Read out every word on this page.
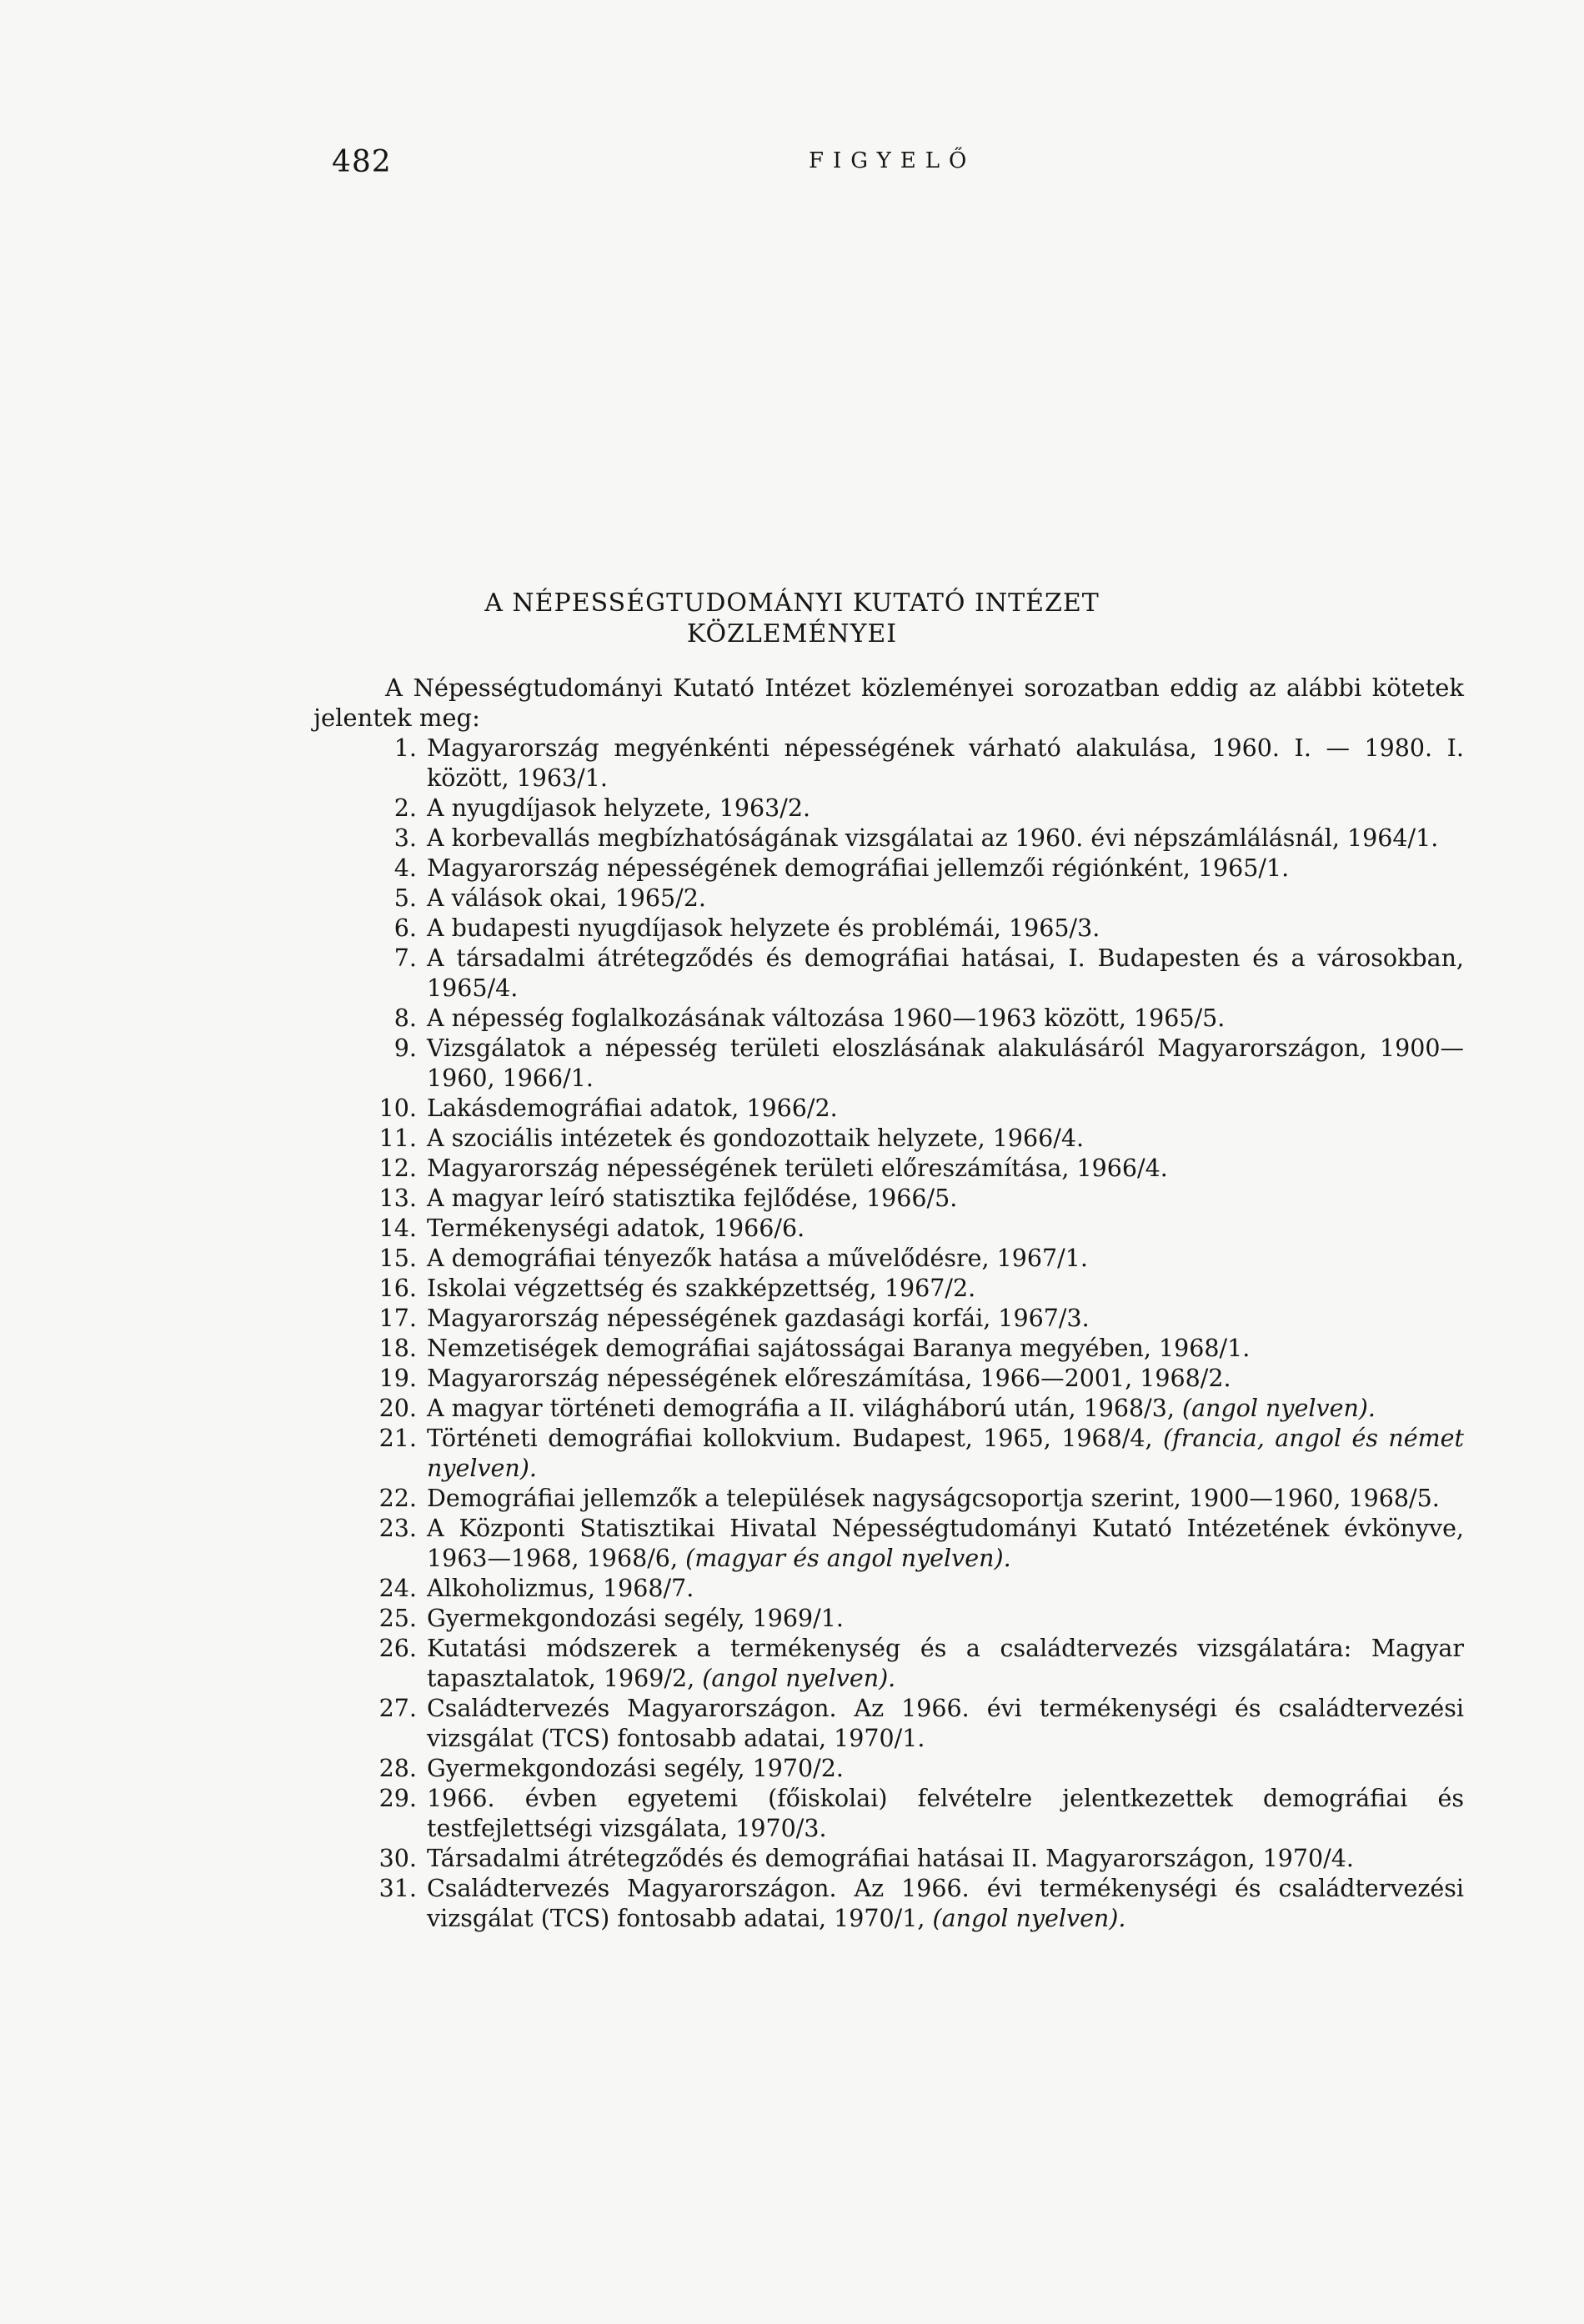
482	FIGYELŐ
A NÉPESSÉGTUDOMÁNYI KUTATÓ INTÉZET
KÖZLEMÉNYEI
A Népességtudományi Kutató Intézet közleményei sorozatban eddig az alábbi kötetek jelentek meg:
1. Magyarország megyénkénti népességének várható alakulása, 1960. I. — 1980. I. között, 1963/1.
2. A nyugdíjasok helyzete, 1963/2.
3. A korbevallás megbízhatóságának vizsgálatai az 1960. évi népszámlálásnál, 1964/1.
4. Magyarország népességének demográfiai jellemzői régiónként, 1965/1.
5. A válások okai, 1965/2.
6. A budapesti nyugdíjasok helyzete és problémái, 1965/3.
7. A társadalmi átrétegződés és demográfiai hatásai, I. Budapesten és a városokban, 1965/4.
8. A népesség foglalkozásának változása 1960—1963 között, 1965/5.
9. Vizsgálatok a népesség területi eloszlásának alakulásáról Magyarországon, 1900—1960, 1966/1.
10. Lakásdemográfiai adatok, 1966/2.
11. A szociális intézetek és gondozottaik helyzete, 1966/4.
12. Magyarország népességének területi előreszámítása, 1966/4.
13. A magyar leíró statisztika fejlődése, 1966/5.
14. Termékenységi adatok, 1966/6.
15. A demográfiai tényezők hatása a művelődésre, 1967/1.
16. Iskolai végzettség és szakképzettség, 1967/2.
17. Magyarország népességének gazdasági korfái, 1967/3.
18. Nemzetiségek demográfiai sajátosságai Baranya megyében, 1968/1.
19. Magyarország népességének előreszámítása, 1966—2001, 1968/2.
20. A magyar történeti demográfia a II. világháború után, 1968/3, (angol nyelven).
21. Történeti demográfiai kollokvium. Budapest, 1965, 1968/4, (francia, angol és német nyelven).
22. Demográfiai jellemzők a települések nagyságcsoportja szerint, 1900—1960, 1968/5.
23. A Központi Statisztikai Hivatal Népességtudományi Kutató Intézetének évkönyve, 1963—1968, 1968/6, (magyar és angol nyelven).
24. Alkoholizmus, 1968/7.
25. Gyermekgondozási segély, 1969/1.
26. Kutatási módszerek a termékenység és a családtervezés vizsgálatára: Magyar tapasztalatok, 1969/2, (angol nyelven).
27. Családtervezés Magyarországon. Az 1966. évi termékenységi és családtervezési vizsgálat (TCS) fontosabb adatai, 1970/1.
28. Gyermekgondozási segély, 1970/2.
29. 1966. évben egyetemi (főiskolai) felvételre jelentkezettek demográfiai és testfejlettségi vizsgálata, 1970/3.
30. Társadalmi átrétegződés és demográfiai hatásai II. Magyarországon, 1970/4.
31. Családtervezés Magyarországon. Az 1966. évi termékenységi és családtervezési vizsgálat (TCS) fontosabb adatai, 1970/1, (angol nyelven).
